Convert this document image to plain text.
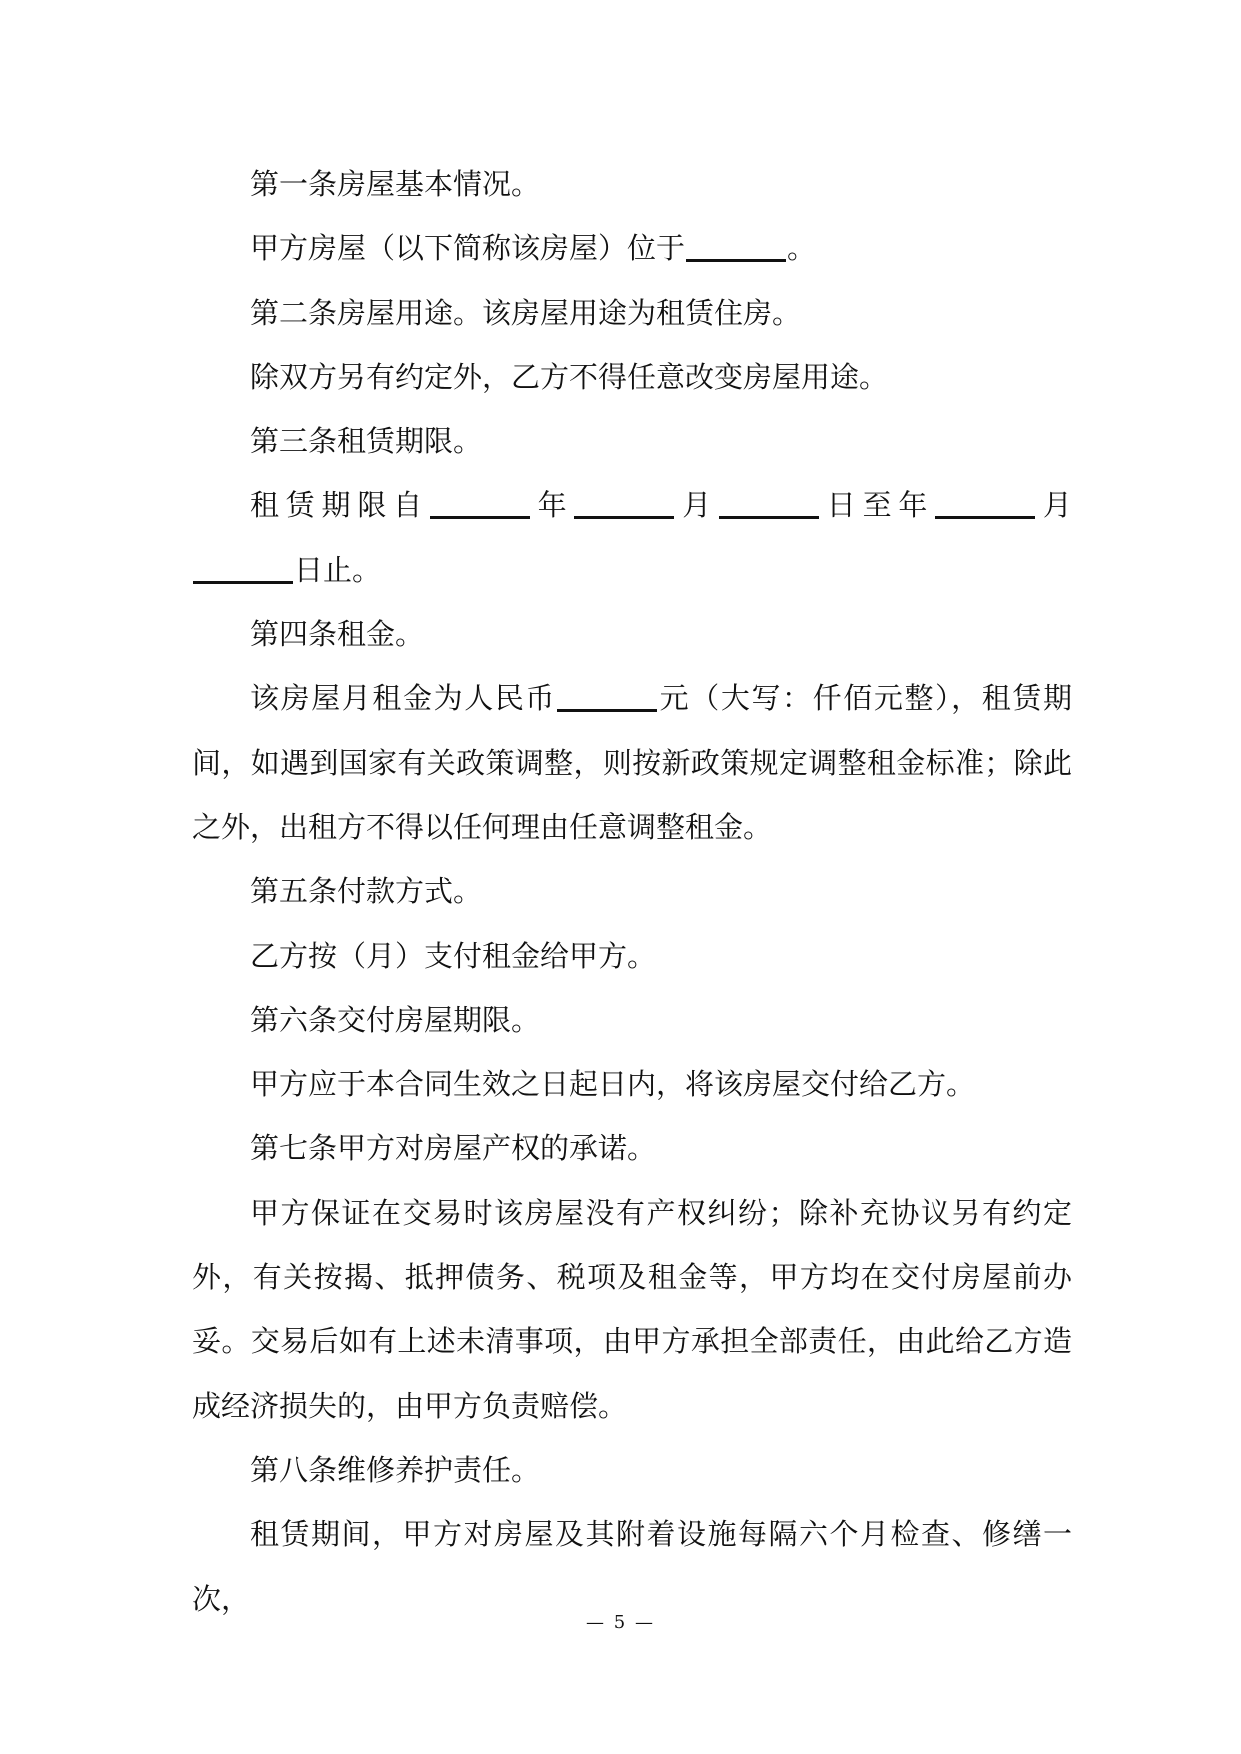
第一条房屋基本情况。

甲方房屋（以下简称该房屋）位于	。

第二条房屋用途。该房屋用途为租赁住房。

除双方另有约定外，乙方不得任意改变房屋用途。

第三条租赁期限。

租赁期限自	年	月	日至年	月日止。

第四条租金。

该房屋月租金为人民币	元（大写：仟佰元整），租赁期间，如遇到国家有关政策调整，则按新政策规定调整租金标准；除此之外，出租方不得以任何理由任意调整租金。

第五条付款方式。

乙方按（月）支付租金给甲方。

第六条交付房屋期限。

甲方应于本合同生效之日起日内，将该房屋交付给乙方。

第七条甲方对房屋产权的承诺。

甲方保证在交易时该房屋没有产权纠纷；除补充协议另有约定外，有关按揭、抵押债务、税项及租金等，甲方均在交付房屋前办妥。交易后如有上述未清事项，由甲方承担全部责任，由此给乙方造成经济损失的，由甲方负责赔偿。

第八条维修养护责任。

租赁期间，甲方对房屋及其附着设施每隔六个月检查、修缮一次，

— 5 —
